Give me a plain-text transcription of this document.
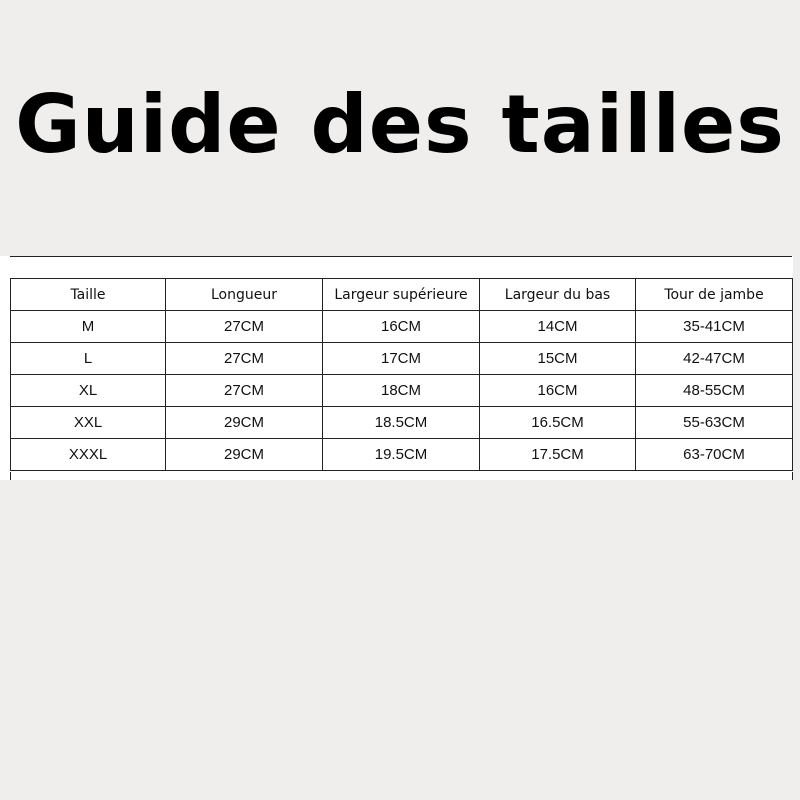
Guide des tailles
Taille	Longueur	Largeur supérieure	Largeur du bas	Tour de jambe
M	27CM	16CM	14CM	35-41CM
L	27CM	17CM	15CM	42-47CM
XL	27CM	18CM	16CM	48-55CM
XXL	29CM	18.5CM	16.5CM	55-63CM
XXXL	29CM	19.5CM	17.5CM	63-70CM
